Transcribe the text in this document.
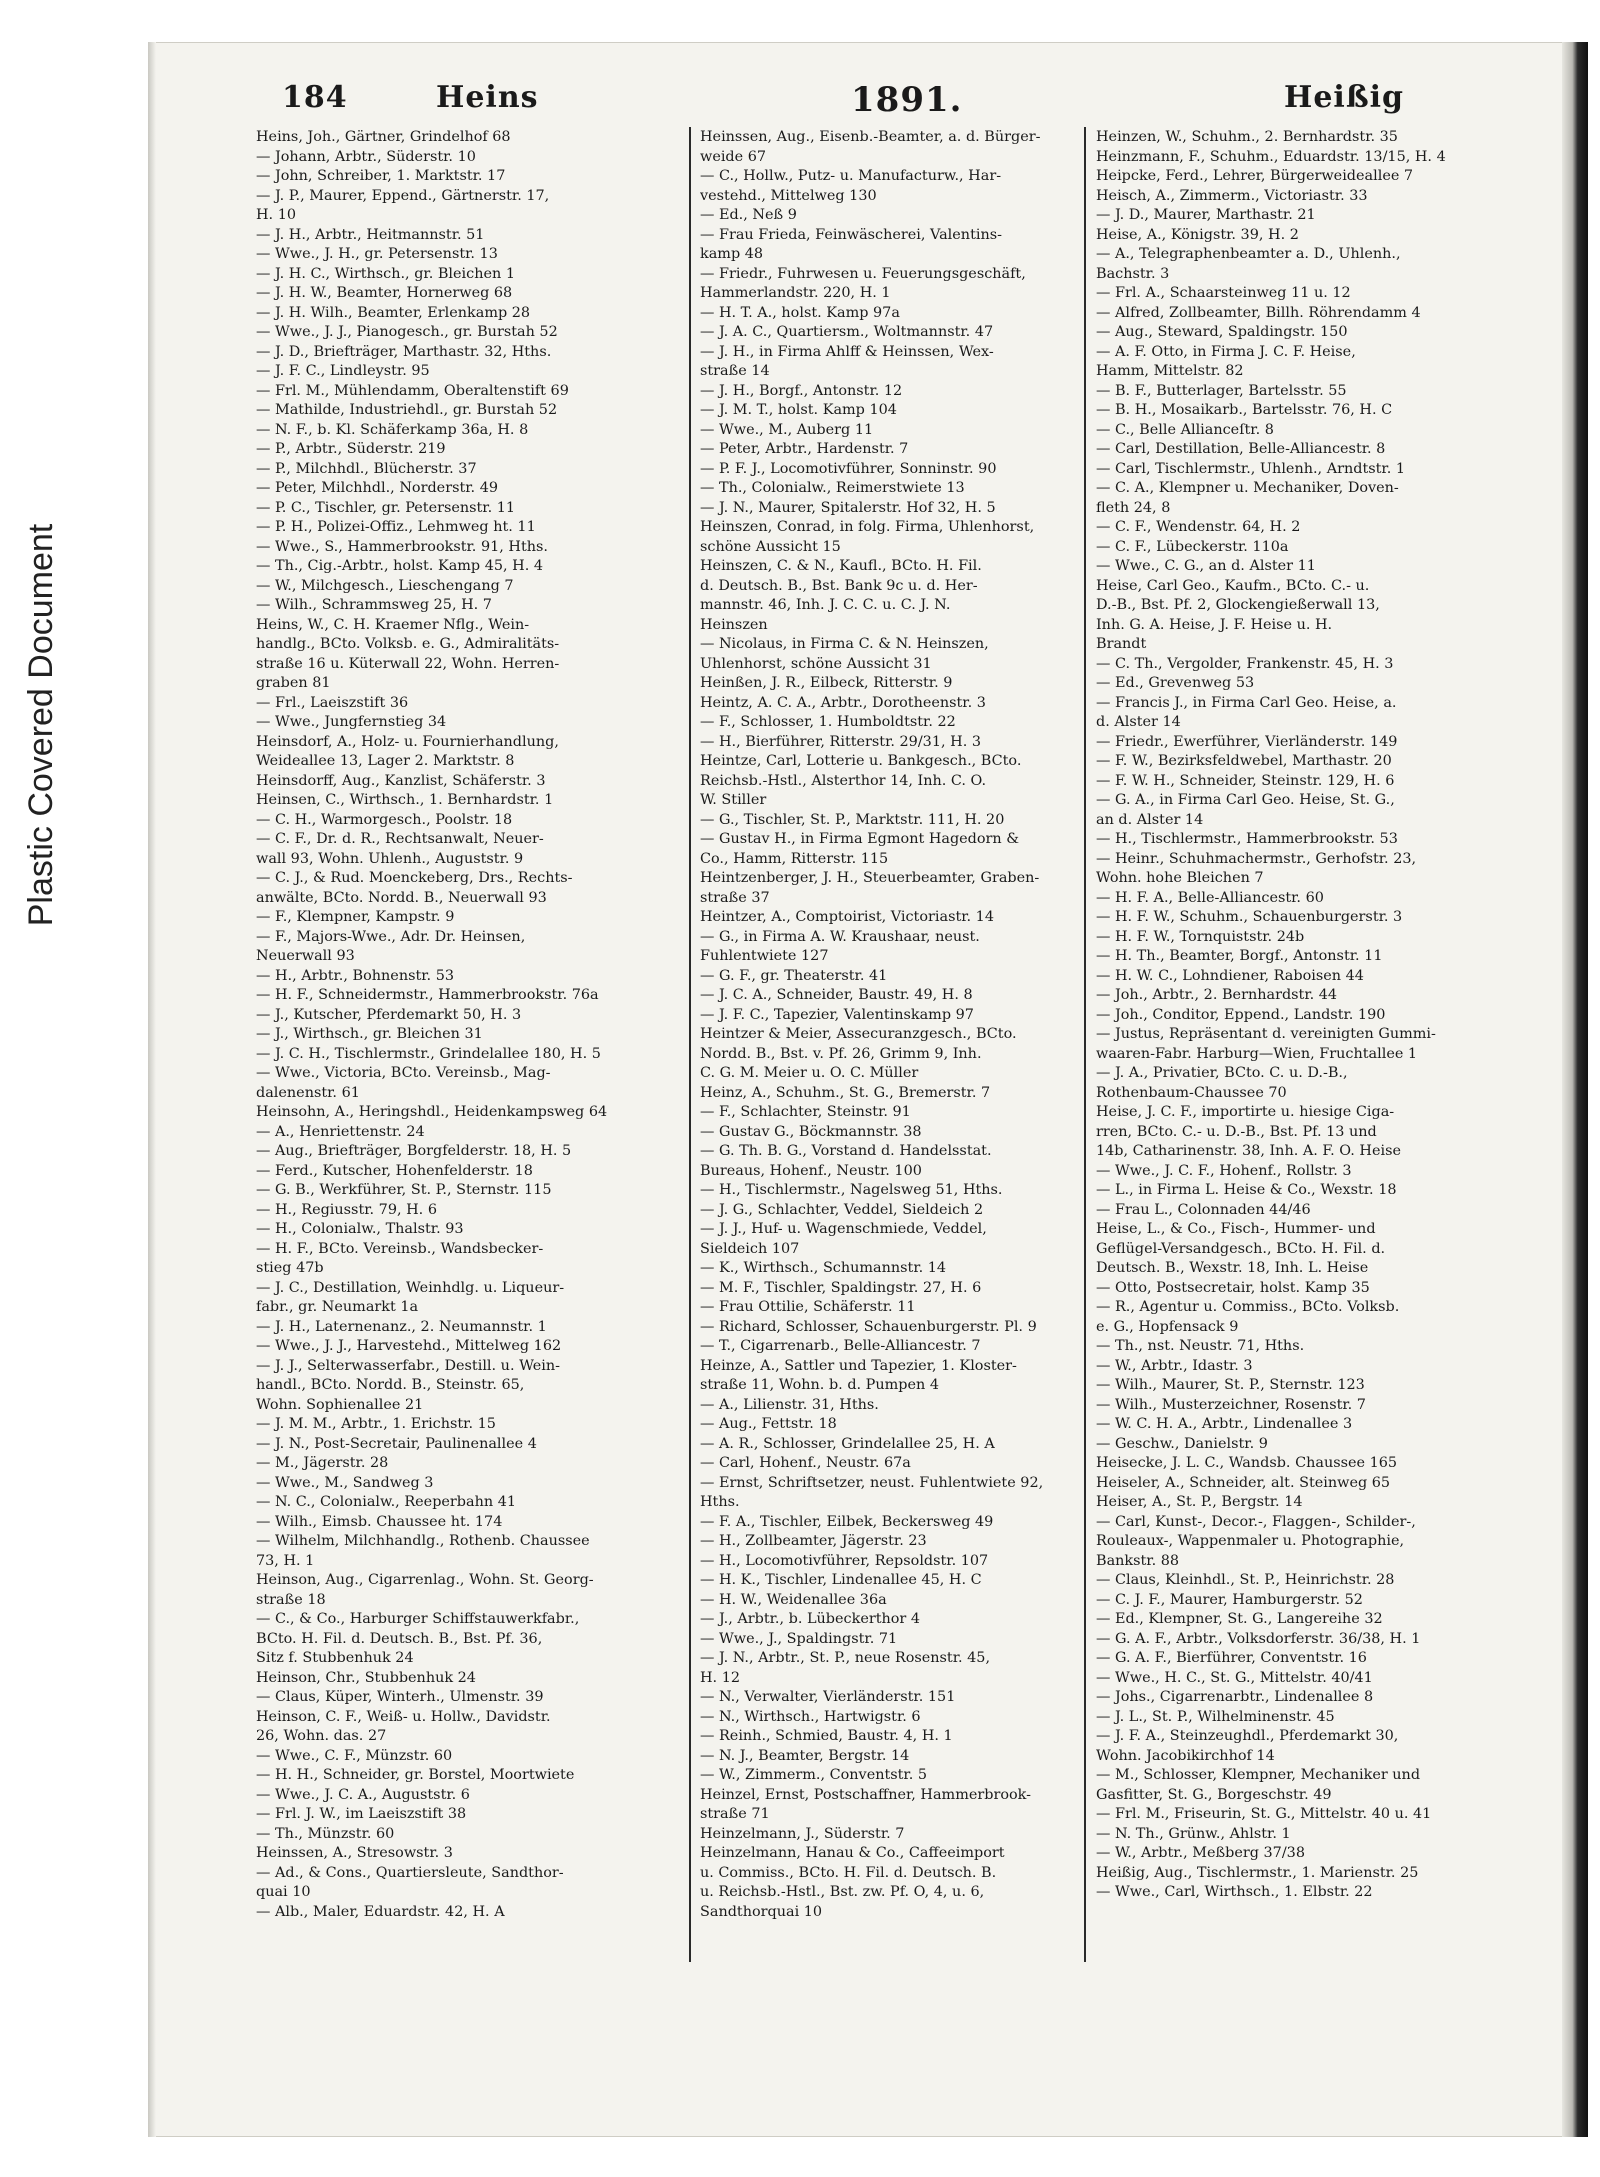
Plastic Covered Document
184	Heins	1891.	Heißig
Heins, Joh., Gärtner, Grindelhof 68
— Johann, Arbtr., Süderstr. 10
— John, Schreiber, 1. Marktstr. 17
— J. P., Maurer, Eppend., Gärtnerstr. 17,
H. 10
— J. H., Arbtr., Heitmannstr. 51
— Wwe., J. H., gr. Petersenstr. 13
— J. H. C., Wirthsch., gr. Bleichen 1
— J. H. W., Beamter, Hornerweg 68
— J. H. Wilh., Beamter, Erlenkamp 28
— Wwe., J. J., Pianogesch., gr. Burstah 52
— J. D., Briefträger, Marthastr. 32, Hths.
— J. F. C., Lindleystr. 95
— Frl. M., Mühlendamm, Oberaltenstift 69
— Mathilde, Industriehdl., gr. Burstah 52
— N. F., b. Kl. Schäferkamp 36a, H. 8
— P., Arbtr., Süderstr. 219
— P., Milchhdl., Blücherstr. 37
— Peter, Milchhdl., Norderstr. 49
— P. C., Tischler, gr. Petersenstr. 11
— P. H., Polizei-Offiz., Lehmweg ht. 11
— Wwe., S., Hammerbrookstr. 91, Hths.
— Th., Cig.-Arbtr., holst. Kamp 45, H. 4
— W., Milchgesch., Lieschengang 7
— Wilh., Schrammsweg 25, H. 7
Heins, W., C. H. Kraemer Nflg., Wein-
handlg., BCto. Volksb. e. G., Admiralitäts-
straße 16 u. Küterwall 22, Wohn. Herren-
graben 81
— Frl., Laeiszstift 36
— Wwe., Jungfernstieg 34
Heinsdorf, A., Holz- u. Fournierhandlung,
Weideallee 13, Lager 2. Marktstr. 8
Heinsdorff, Aug., Kanzlist, Schäferstr. 3
Heinsen, C., Wirthsch., 1. Bernhardstr. 1
— C. H., Warmorgesch., Poolstr. 18
— C. F., Dr. d. R., Rechtsanwalt, Neuer-
wall 93, Wohn. Uhlenh., Auguststr. 9
— C. J., & Rud. Moenckeberg, Drs., Rechts-
anwälte, BCto. Nordd. B., Neuerwall 93
— F., Klempner, Kampstr. 9
— F., Majors-Wwe., Adr. Dr. Heinsen,
Neuerwall 93
— H., Arbtr., Bohnenstr. 53
— H. F., Schneidermstr., Hammerbrookstr. 76a
— J., Kutscher, Pferdemarkt 50, H. 3
— J., Wirthsch., gr. Bleichen 31
— J. C. H., Tischlermstr., Grindelallee 180, H. 5
— Wwe., Victoria, BCto. Vereinsb., Mag-
dalenenstr. 61
Heinsohn, A., Heringshdl., Heidenkampsweg 64
— A., Henriettenstr. 24
— Aug., Briefträger, Borgfelderstr. 18, H. 5
— Ferd., Kutscher, Hohenfelderstr. 18
— G. B., Werkführer, St. P., Sternstr. 115
— H., Regiusstr. 79, H. 6
— H., Colonialw., Thalstr. 93
— H. F., BCto. Vereinsb., Wandsbecker-
stieg 47b
— J. C., Destillation, Weinhdlg. u. Liqueur-
fabr., gr. Neumarkt 1a
— J. H., Laternenanz., 2. Neumannstr. 1
— Wwe., J. J., Harvestehd., Mittelweg 162
— J. J., Selterwasserfabr., Destill. u. Wein-
handl., BCto. Nordd. B., Steinstr. 65,
Wohn. Sophienallee 21
— J. M. M., Arbtr., 1. Erichstr. 15
— J. N., Post-Secretair, Paulinenallee 4
— M., Jägerstr. 28
— Wwe., M., Sandweg 3
— N. C., Colonialw., Reeperbahn 41
— Wilh., Eimsb. Chaussee ht. 174
— Wilhelm, Milchhandlg., Rothenb. Chaussee
73, H. 1
Heinson, Aug., Cigarrenlag., Wohn. St. Georg-
straße 18
— C., & Co., Harburger Schiffstauwerkfabr.,
BCto. H. Fil. d. Deutsch. B., Bst. Pf. 36,
Sitz f. Stubbenhuk 24
Heinson, Chr., Stubbenhuk 24
— Claus, Küper, Winterh., Ulmenstr. 39
Heinson, C. F., Weiß- u. Hollw., Davidstr.
26, Wohn. das. 27
— Wwe., C. F., Münzstr. 60
— H. H., Schneider, gr. Borstel, Moortwiete
— Wwe., J. C. A., Auguststr. 6
— Frl. J. W., im Laeiszstift 38
— Th., Münzstr. 60
Heinssen, A., Stresowstr. 3
— Ad., & Cons., Quartiersleute, Sandthor-
quai 10
— Alb., Maler, Eduardstr. 42, H. A
Heinssen, Aug., Eisenb.-Beamter, a. d. Bürger-
weide 67
— C., Hollw., Putz- u. Manufacturw., Har-
vestehd., Mittelweg 130
— Ed., Neß 9
— Frau Frieda, Feinwäscherei, Valentins-
kamp 48
— Friedr., Fuhrwesen u. Feuerungsgeschäft,
Hammerlandstr. 220, H. 1
— H. T. A., holst. Kamp 97a
— J. A. C., Quartiersm., Woltmannstr. 47
— J. H., in Firma Ahlff & Heinssen, Wex-
straße 14
— J. H., Borgf., Antonstr. 12
— J. M. T., holst. Kamp 104
— Wwe., M., Auberg 11
— Peter, Arbtr., Hardenstr. 7
— P. F. J., Locomotivführer, Sonninstr. 90
— Th., Colonialw., Reimerstwiete 13
— J. N., Maurer, Spitalerstr. Hof 32, H. 5
Heinszen, Conrad, in folg. Firma, Uhlenhorst,
schöne Aussicht 15
Heinszen, C. & N., Kaufl., BCto. H. Fil.
d. Deutsch. B., Bst. Bank 9c u. d. Her-
mannstr. 46, Inh. J. C. C. u. C. J. N.
Heinszen
— Nicolaus, in Firma C. & N. Heinszen,
Uhlenhorst, schöne Aussicht 31
Heinßen, J. R., Eilbeck, Ritterstr. 9
Heintz, A. C. A., Arbtr., Dorotheenstr. 3
— F., Schlosser, 1. Humboldtstr. 22
— H., Bierführer, Ritterstr. 29/31, H. 3
Heintze, Carl, Lotterie u. Bankgesch., BCto.
Reichsb.-Hstl., Alsterthor 14, Inh. C. O.
W. Stiller
— G., Tischler, St. P., Marktstr. 111, H. 20
— Gustav H., in Firma Egmont Hagedorn &
Co., Hamm, Ritterstr. 115
Heintzenberger, J. H., Steuerbeamter, Graben-
straße 37
Heintzer, A., Comptoirist, Victoriastr. 14
— G., in Firma A. W. Kraushaar, neust.
Fuhlentwiete 127
— G. F., gr. Theaterstr. 41
— J. C. A., Schneider, Baustr. 49, H. 8
— J. F. C., Tapezier, Valentinskamp 97
Heintzer & Meier, Assecuranzgesch., BCto.
Nordd. B., Bst. v. Pf. 26, Grimm 9, Inh.
C. G. M. Meier u. O. C. Müller
Heinz, A., Schuhm., St. G., Bremerstr. 7
— F., Schlachter, Steinstr. 91
— Gustav G., Böckmannstr. 38
— G. Th. B. G., Vorstand d. Handelsstat.
Bureaus, Hohenf., Neustr. 100
— H., Tischlermstr., Nagelsweg 51, Hths.
— J. G., Schlachter, Veddel, Sieldeich 2
— J. J., Huf- u. Wagenschmiede, Veddel,
Sieldeich 107
— K., Wirthsch., Schumannstr. 14
— M. F., Tischler, Spaldingstr. 27, H. 6
— Frau Ottilie, Schäferstr. 11
— Richard, Schlosser, Schauenburgerstr. Pl. 9
— T., Cigarrenarb., Belle-Alliancestr. 7
Heinze, A., Sattler und Tapezier, 1. Kloster-
straße 11, Wohn. b. d. Pumpen 4
— A., Lilienstr. 31, Hths.
— Aug., Fettstr. 18
— A. R., Schlosser, Grindelallee 25, H. A
— Carl, Hohenf., Neustr. 67a
— Ernst, Schriftsetzer, neust. Fuhlentwiete 92,
Hths.
— F. A., Tischler, Eilbek, Beckersweg 49
— H., Zollbeamter, Jägerstr. 23
— H., Locomotivführer, Repsoldstr. 107
— H. K., Tischler, Lindenallee 45, H. C
— H. W., Weidenallee 36a
— J., Arbtr., b. Lübeckerthor 4
— Wwe., J., Spaldingstr. 71
— J. N., Arbtr., St. P., neue Rosenstr. 45,
H. 12
— N., Verwalter, Vierländerstr. 151
— N., Wirthsch., Hartwigstr. 6
— Reinh., Schmied, Baustr. 4, H. 1
— N. J., Beamter, Bergstr. 14
— W., Zimmerm., Conventstr. 5
Heinzel, Ernst, Postschaffner, Hammerbrook-
straße 71
Heinzelmann, J., Süderstr. 7
Heinzelmann, Hanau & Co., Caffeeimport
u. Commiss., BCto. H. Fil. d. Deutsch. B.
u. Reichsb.-Hstl., Bst. zw. Pf. O, 4, u. 6,
Sandthorquai 10
Heinzen, W., Schuhm., 2. Bernhardstr. 35
Heinzmann, F., Schuhm., Eduardstr. 13/15, H. 4
Heipcke, Ferd., Lehrer, Bürgerweideallee 7
Heisch, A., Zimmerm., Victoriastr. 33
— J. D., Maurer, Marthastr. 21
Heise, A., Königstr. 39, H. 2
— A., Telegraphenbeamter a. D., Uhlenh.,
Bachstr. 3
— Frl. A., Schaarsteinweg 11 u. 12
— Alfred, Zollbeamter, Billh. Röhrendamm 4
— Aug., Steward, Spaldingstr. 150
— A. F. Otto, in Firma J. C. F. Heise,
Hamm, Mittelstr. 82
— B. F., Butterlager, Bartelsstr. 55
— B. H., Mosaikarb., Bartelsstr. 76, H. C
— C., Belle Allianceſtr. 8
— Carl, Destillation, Belle-Alliancestr. 8
— Carl, Tischlermstr., Uhlenh., Arndtstr. 1
— C. A., Klempner u. Mechaniker, Doven-
fleth 24, 8
— C. F., Wendenstr. 64, H. 2
— C. F., Lübeckerstr. 110a
— Wwe., C. G., an d. Alster 11
Heise, Carl Geo., Kaufm., BCto. C.- u.
D.-B., Bst. Pf. 2, Glockengießerwall 13,
Inh. G. A. Heise, J. F. Heise u. H.
Brandt
— C. Th., Vergolder, Frankenstr. 45, H. 3
— Ed., Grevenweg 53
— Francis J., in Firma Carl Geo. Heise, a.
d. Alster 14
— Friedr., Ewerführer, Vierländerstr. 149
— F. W., Bezirksfeldwebel, Marthastr. 20
— F. W. H., Schneider, Steinstr. 129, H. 6
— G. A., in Firma Carl Geo. Heise, St. G.,
an d. Alster 14
— H., Tischlermstr., Hammerbrookstr. 53
— Heinr., Schuhmachermstr., Gerhofstr. 23,
Wohn. hohe Bleichen 7
— H. F. A., Belle-Alliancestr. 60
— H. F. W., Schuhm., Schauenburgerstr. 3
— H. F. W., Tornquiststr. 24b
— H. Th., Beamter, Borgf., Antonstr. 11
— H. W. C., Lohndiener, Raboisen 44
— Joh., Arbtr., 2. Bernhardstr. 44
— Joh., Conditor, Eppend., Landstr. 190
— Justus, Repräsentant d. vereinigten Gummi-
waaren-Fabr. Harburg—Wien, Fruchtallee 1
— J. A., Privatier, BCto. C. u. D.-B.,
Rothenbaum-Chaussee 70
Heise, J. C. F., importirte u. hiesige Ciga-
rren, BCto. C.- u. D.-B., Bst. Pf. 13 und
14b, Catharinenstr. 38, Inh. A. F. O. Heise
— Wwe., J. C. F., Hohenf., Rollstr. 3
— L., in Firma L. Heise & Co., Wexstr. 18
— Frau L., Colonnaden 44/46
Heise, L., & Co., Fisch-, Hummer- und
Geflügel-Versandgesch., BCto. H. Fil. d.
Deutsch. B., Wexstr. 18, Inh. L. Heise
— Otto, Postsecretair, holst. Kamp 35
— R., Agentur u. Commiss., BCto. Volksb.
e. G., Hopfensack 9
— Th., nst. Neustr. 71, Hths.
— W., Arbtr., Idastr. 3
— Wilh., Maurer, St. P., Sternstr. 123
— Wilh., Musterzeichner, Rosenstr. 7
— W. C. H. A., Arbtr., Lindenallee 3
— Geschw., Danielstr. 9
Heisecke, J. L. C., Wandsb. Chaussee 165
Heiseler, A., Schneider, alt. Steinweg 65
Heiser, A., St. P., Bergstr. 14
— Carl, Kunst-, Decor.-, Flaggen-, Schilder-,
Rouleaux-, Wappenmaler u. Photographie,
Bankstr. 88
— Claus, Kleinhdl., St. P., Heinrichstr. 28
— C. J. F., Maurer, Hamburgerstr. 52
— Ed., Klempner, St. G., Langereihe 32
— G. A. F., Arbtr., Volksdorferstr. 36/38, H. 1
— G. A. F., Bierführer, Conventstr. 16
— Wwe., H. C., St. G., Mittelstr. 40/41
— Johs., Cigarrenarbtr., Lindenallee 8
— J. L., St. P., Wilhelminenstr. 45
— J. F. A., Steinzeughdl., Pferdemarkt 30,
Wohn. Jacobikirchhof 14
— M., Schlosser, Klempner, Mechaniker und
Gasfitter, St. G., Borgeschstr. 49
— Frl. M., Friseurin, St. G., Mittelstr. 40 u. 41
— N. Th., Grünw., Ahlstr. 1
— W., Arbtr., Meßberg 37/38
Heißig, Aug., Tischlermstr., 1. Marienstr. 25
— Wwe., Carl, Wirthsch., 1. Elbstr. 22
